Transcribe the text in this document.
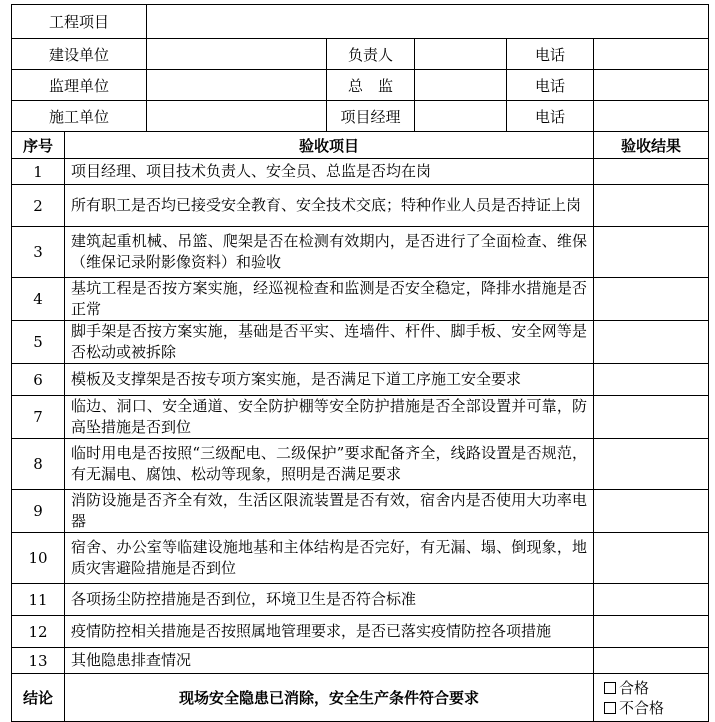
工程项目						
建设单位			负责人		电话	
监理单位			总　监		电话	
施工单位			项目经理		电话	
序号	验收项目					验收结果
1	项目经理、项目技术负责人、安全员、总监是否均在岗					
2	所有职工是否均已接受安全教育、安全技术交底；特种作业人员是否持证上岗					
3	建筑起重机械、吊篮、爬架是否在检测有效期内，是否进行了全面检查、维保（维保记录附影像资料）和验收					
4	基坑工程是否按方案实施，经巡视检查和监测是否安全稳定，降排水措施是否正常					
5	脚手架是否按方案实施，基础是否平实、连墙件、杆件、脚手板、安全网等是否松动或被拆除					
6	模板及支撑架是否按专项方案实施，是否满足下道工序施工安全要求					
7	临边、洞口、安全通道、安全防护棚等安全防护措施是否全部设置并可靠，防高坠措施是否到位					
8	临时用电是否按照“三级配电、二级保护”要求配备齐全，线路设置是否规范，有无漏电、腐蚀、松动等现象，照明是否满足要求					
9	消防设施是否齐全有效，生活区限流装置是否有效，宿舍内是否使用大功率电器					
10	宿舍、办公室等临建设施地基和主体结构是否完好，有无漏、塌、倒现象，地质灾害避险措施是否到位					
11	各项扬尘防控措施是否到位，环境卫生是否符合标准					
12	疫情防控相关措施是否按照属地管理要求，是否已落实疫情防控各项措施					
13	其他隐患排查情况					
结论	现场安全隐患已消除，安全生产条件符合要求					合格
不合格
